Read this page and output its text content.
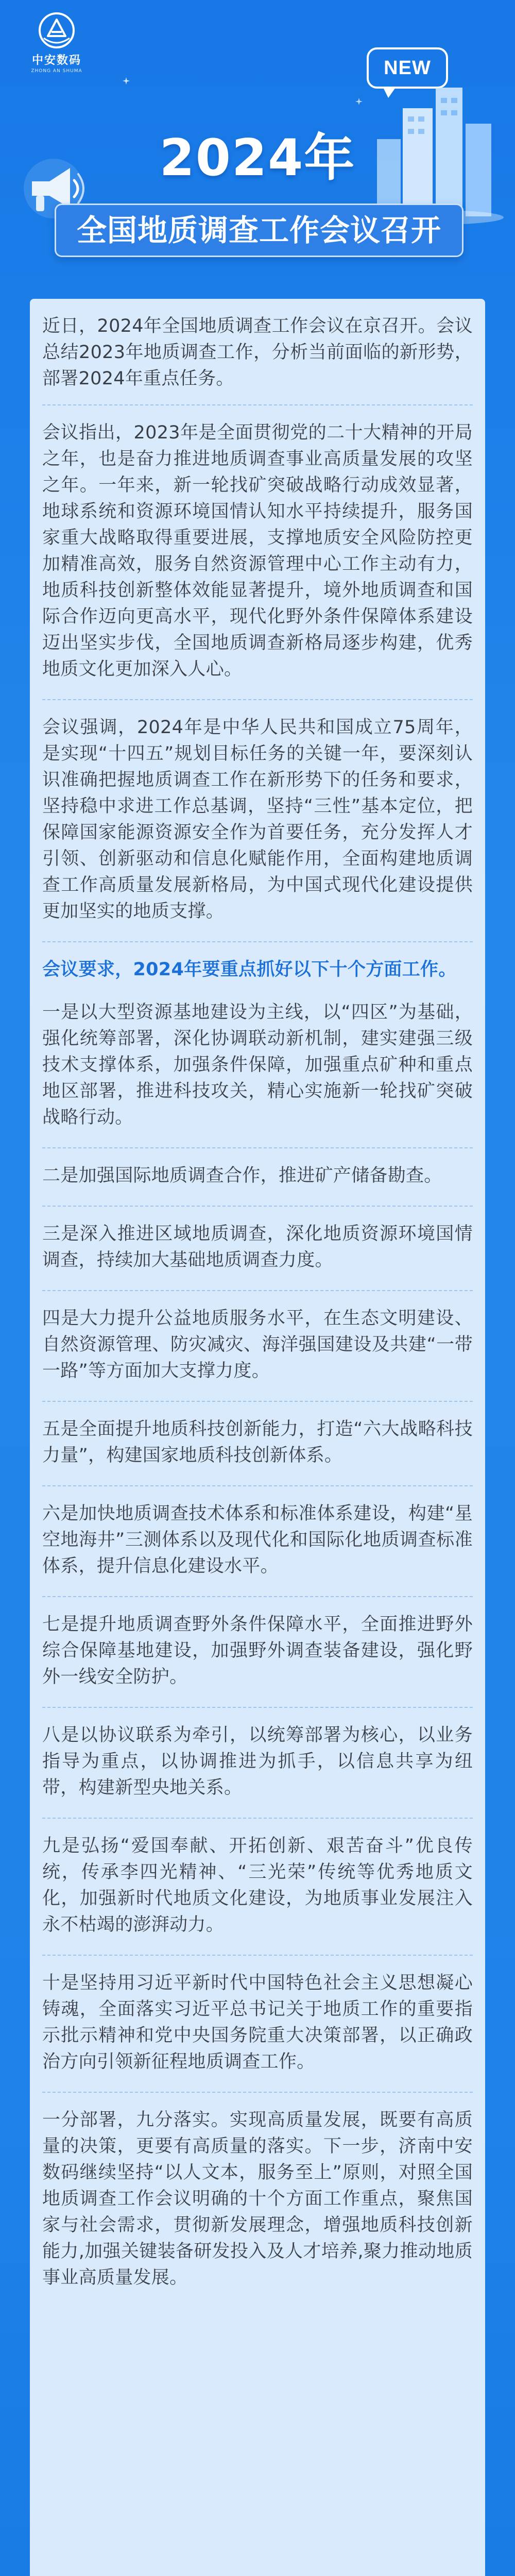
中安数码
ZHONG AN SHUMA	NEW
2024年
全国地质调查工作会议召开

近日，2024年全国地质调查工作会议在京召开。会议总结2023年地质调查工作，分析当前面临的新形势，部署2024年重点任务。

会议指出，2023年是全面贯彻党的二十大精神的开局之年，也是奋力推进地质调查事业高质量发展的攻坚之年。一年来，新一轮找矿突破战略行动成效显著，地球系统和资源环境国情认知水平持续提升，服务国家重大战略取得重要进展，支撑地质安全风险防控更加精准高效，服务自然资源管理中心工作主动有力，地质科技创新整体效能显著提升，境外地质调查和国际合作迈向更高水平，现代化野外条件保障体系建设迈出坚实步伐，全国地质调查新格局逐步构建，优秀地质文化更加深入人心。

会议强调，2024年是中华人民共和国成立75周年，是实现“十四五”规划目标任务的关键一年，要深刻认识准确把握地质调查工作在新形势下的任务和要求，坚持稳中求进工作总基调，坚持“三性”基本定位，把保障国家能源资源安全作为首要任务，充分发挥人才引领、创新驱动和信息化赋能作用，全面构建地质调查工作高质量发展新格局，为中国式现代化建设提供更加坚实的地质支撑。

会议要求，2024年要重点抓好以下十个方面工作。

一是以大型资源基地建设为主线，以“四区”为基础，强化统筹部署，深化协调联动新机制，建实建强三级技术支撑体系，加强条件保障，加强重点矿种和重点地区部署，推进科技攻关，精心实施新一轮找矿突破战略行动。

二是加强国际地质调查合作，推进矿产储备勘查。

三是深入推进区域地质调查，深化地质资源环境国情调查，持续加大基础地质调查力度。

四是大力提升公益地质服务水平，在生态文明建设、自然资源管理、防灾减灾、海洋强国建设及共建“一带一路”等方面加大支撑力度。

五是全面提升地质科技创新能力，打造“六大战略科技力量”，构建国家地质科技创新体系。

六是加快地质调查技术体系和标准体系建设，构建“星空地海井”三测体系以及现代化和国际化地质调查标准体系，提升信息化建设水平。

七是提升地质调查野外条件保障水平，全面推进野外综合保障基地建设，加强野外调查装备建设，强化野外一线安全防护。

八是以协议联系为牵引，以统筹部署为核心，以业务指导为重点，以协调推进为抓手，以信息共享为纽带，构建新型央地关系。

九是弘扬“爱国奉献、开拓创新、艰苦奋斗”优良传统，传承李四光精神、“三光荣”传统等优秀地质文化，加强新时代地质文化建设，为地质事业发展注入永不枯竭的澎湃动力。

十是坚持用习近平新时代中国特色社会主义思想凝心铸魂，全面落实习近平总书记关于地质工作的重要指示批示精神和党中央国务院重大决策部署，以正确政治方向引领新征程地质调查工作。

一分部署，九分落实。实现高质量发展，既要有高质量的决策，更要有高质量的落实。下一步，济南中安数码继续坚持“以人文本，服务至上”原则，对照全国地质调查工作会议明确的十个方面工作重点，聚焦国家与社会需求，贯彻新发展理念，增强地质科技创新能力,加强关键装备研发投入及人才培养,聚力推动地质事业高质量发展。
